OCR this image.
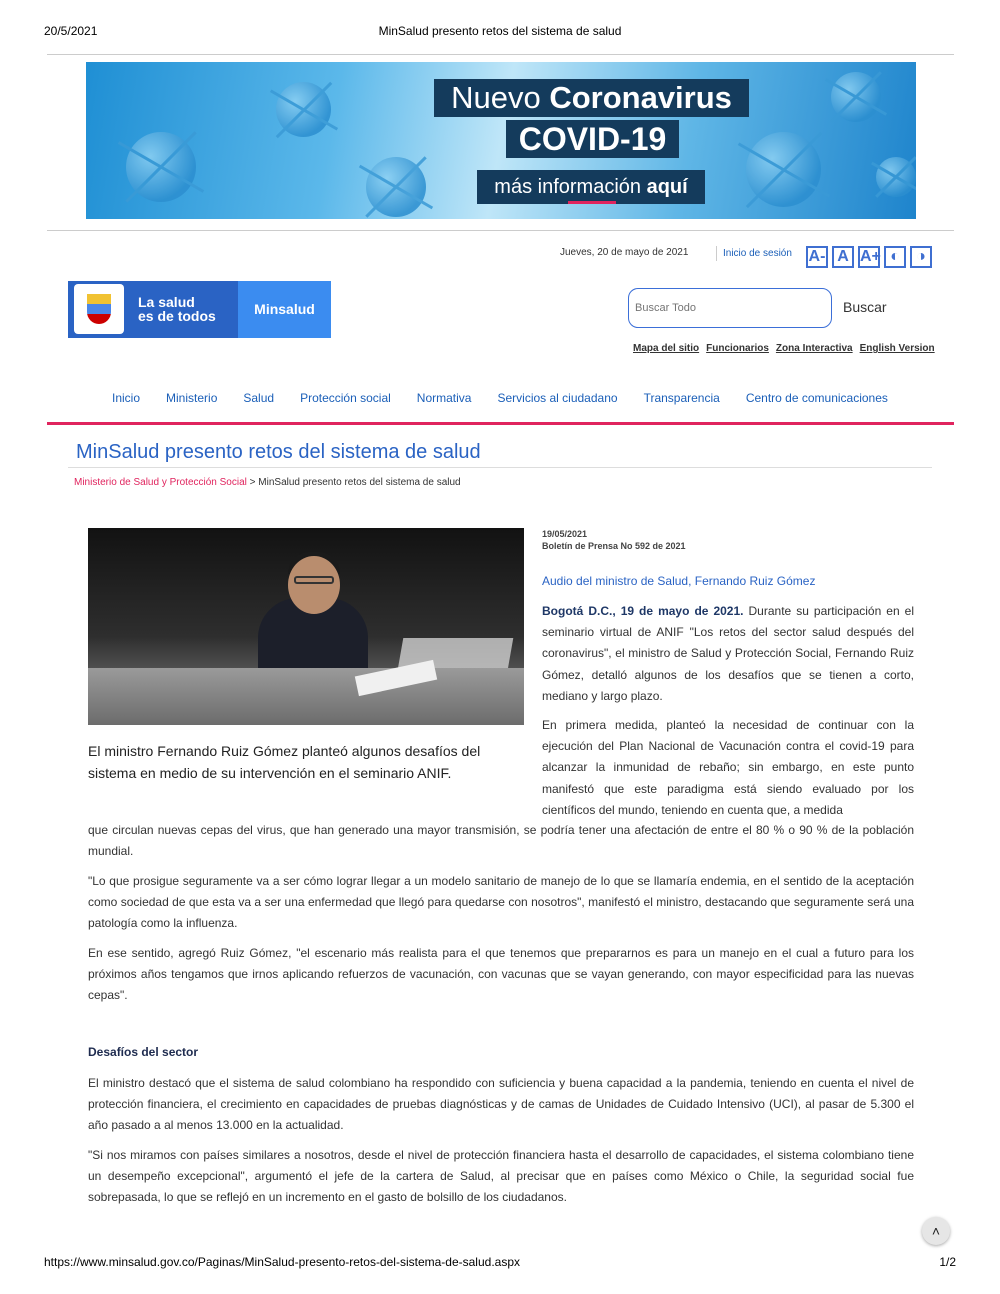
20/5/2021	MinSalud presento retos del sistema de salud
Nuevo Coronavirus
COVID-19
más información aquí
Jueves, 20 de mayo de 2021	Inicio de sesión A- A A+ ◐	◑
La salud
es de todos	Minsalud
Buscar Todo	Buscar
Mapa del sitio Funcionarios Zona Interactiva English Version
Inicio Ministerio Salud Protección social Normativa Servicios al ciudadano Transparencia Centro de comunicaciones
MinSalud presento retos del sistema de salud
Ministerio de Salud y Protección Social > MinSalud presento retos del sistema de salud

El ministro Fernando Ruiz Gómez planteó algunos desafíos del sistema en medio de su intervención en el seminario ANIF.

19/05/2021
Boletín de Prensa No 592 de 2021
Audio del ministro de Salud, Fernando Ruiz Gómez

Bogotá D.C., 19 de mayo de 2021. Durante su participación en el seminario virtual de ANIF "Los retos del sector salud después del coronavirus", el ministro de Salud y Protección Social, Fernando Ruiz Gómez, detalló algunos de los desafíos que se tienen a corto, mediano y largo plazo.

En primera medida, planteó la necesidad de continuar con la ejecución del Plan Nacional de Vacunación contra el covid-19 para alcanzar la inmunidad de rebaño; sin embargo, en este punto manifestó que este paradigma está siendo evaluado por los científicos del mundo, teniendo en cuenta que, a medida

que circulan nuevas cepas del virus, que han generado una mayor transmisión, se podría tener una afectación de entre el 80 % o 90 % de la población mundial.

"Lo que prosigue seguramente va a ser cómo lograr llegar a un modelo sanitario de manejo de lo que se llamaría endemia, en el sentido de la aceptación como sociedad de que esta va a ser una enfermedad que llegó para quedarse con nosotros", manifestó el ministro, destacando que seguramente será una patología como la influenza.

En ese sentido, agregó Ruiz Gómez, "el escenario más realista para el que tenemos que prepararnos es para un manejo en el cual a futuro para los próximos años tengamos que irnos aplicando refuerzos de vacunación, con vacunas que se vayan generando, con mayor especificidad para las nuevas cepas".

Desafíos del sector

El ministro destacó que el sistema de salud colombiano ha respondido con suficiencia y buena capacidad a la pandemia, teniendo en cuenta el nivel de protección financiera, el crecimiento en capacidades de pruebas diagnósticas y de camas de Unidades de Cuidado Intensivo (UCI), al pasar de 5.300 el año pasado a al menos 13.000 en la actualidad.

"Si nos miramos con países similares a nosotros, desde el nivel de protección financiera hasta el desarrollo de capacidades, el sistema colombiano tiene un desempeño excepcional", argumentó el jefe de la cartera de Salud, al precisar que en países como México o Chile, la seguridad social fue sobrepasada, lo que se reflejó en un incremento en el gasto de bolsillo de los ciudadanos.

˄
https://www.minsalud.gov.co/Paginas/MinSalud-presento-retos-del-sistema-de-salud.aspx	1/2
